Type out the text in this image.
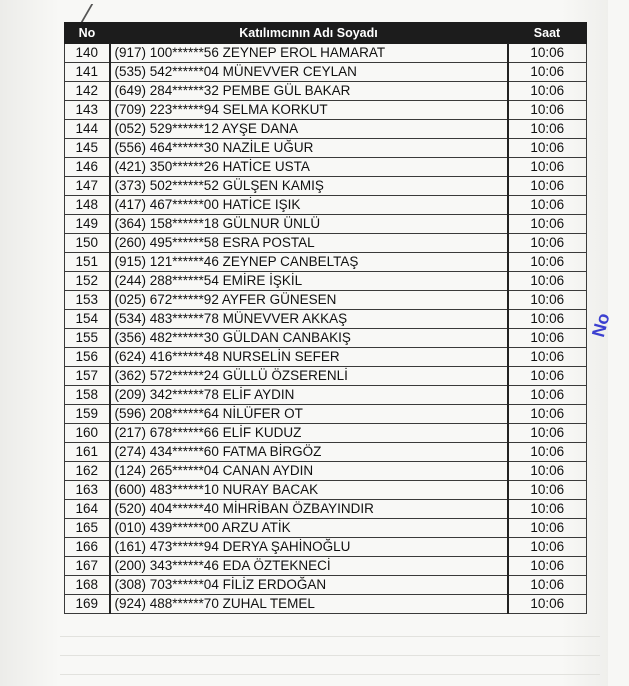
No	Katılımcının Adı Soyadı	Saat
140	(917) 100******56 ZEYNEP EROL HAMARAT	10:06
141	(535) 542******04 MÜNEVVER CEYLAN	10:06
142	(649) 284******32 PEMBE GÜL BAKAR	10:06
143	(709) 223******94 SELMA KORKUT	10:06
144	(052) 529******12 AYŞE DANA	10:06
145	(556) 464******30 NAZİLE UĞUR	10:06
146	(421) 350******26 HATİCE USTA	10:06
147	(373) 502******52 GÜLŞEN KAMIŞ	10:06
148	(417) 467******00 HATİCE IŞIK	10:06
149	(364) 158******18 GÜLNUR ÜNLÜ	10:06
150	(260) 495******58 ESRA POSTAL	10:06
151	(915) 121******46 ZEYNEP CANBELTAŞ	10:06
152	(244) 288******54 EMİRE İŞKİL	10:06
153	(025) 672******92 AYFER GÜNESEN	10:06
154	(534) 483******78 MÜNEVVER AKKAŞ	10:06
155	(356) 482******30 GÜLDAN CANBAKIŞ	10:06
156	(624) 416******48 NURSELİN SEFER	10:06
157	(362) 572******24 GÜLLÜ ÖZSERENLİ	10:06
158	(209) 342******78 ELİF AYDIN	10:06
159	(596) 208******64 NİLÜFER OT	10:06
160	(217) 678******66 ELİF KUDUZ	10:06
161	(274) 434******60 FATMA BİRGÖZ	10:06
162	(124) 265******04 CANAN AYDIN	10:06
163	(600) 483******10 NURAY BACAK	10:06
164	(520) 404******40 MİHRİBAN ÖZBAYINDIR	10:06
165	(010) 439******00 ARZU ATİK	10:06
166	(161) 473******94 DERYA ŞAHİNOĞLU	10:06
167	(200) 343******46 EDA ÖZTEKNECİ	10:06
168	(308) 703******04 FİLİZ ERDOĞAN	10:06
169	(924) 488******70 ZUHAL TEMEL	10:06
No
